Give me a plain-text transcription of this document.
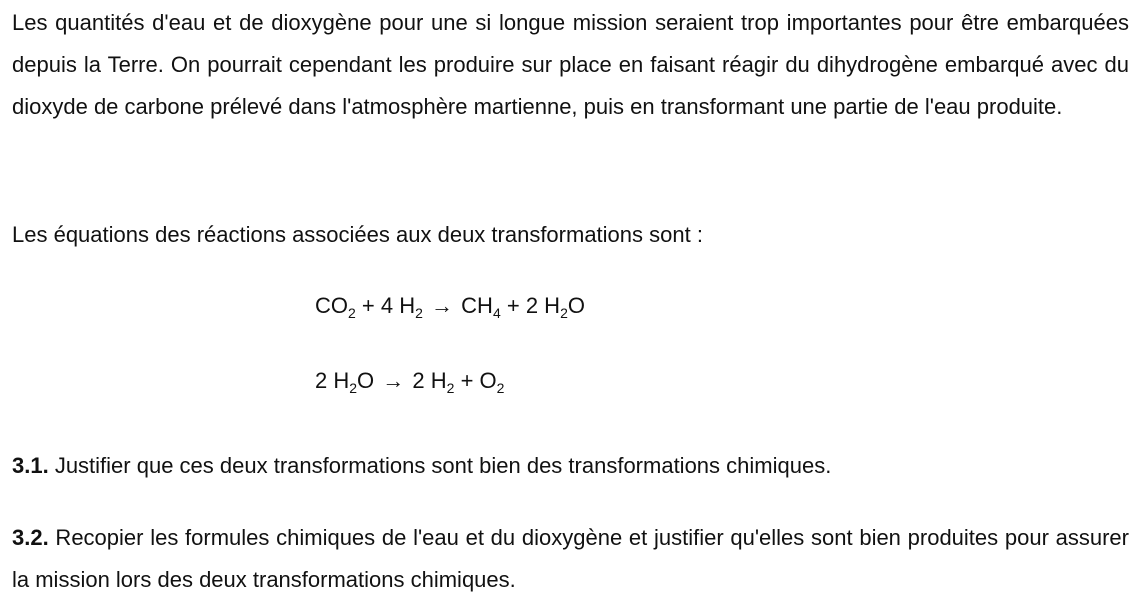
Les quantités d'eau et de dioxygène pour une si longue mission seraient trop importantes pour être embarquées depuis la Terre. On pourrait cependant les produire sur place en faisant réagir du dihydrogène embarqué avec du dioxyde de carbone prélevé dans l'atmosphère martienne, puis en transformant une partie de l'eau produite.

Les équations des réactions associées aux deux transformations sont :

$CO_2 + 4$ $H_2 \to CH_4 + 2$ $H_2O$
2 $H_2O \to 2$ $H_2 + O_2$

3.1. Justifier que ces deux transformations sont bien des transformations chimiques.

3.2. Recopier les formules chimiques de l'eau et du dioxygène et justifier qu'elles sont bien produites pour assurer la mission lors des deux transformations chimiques.
